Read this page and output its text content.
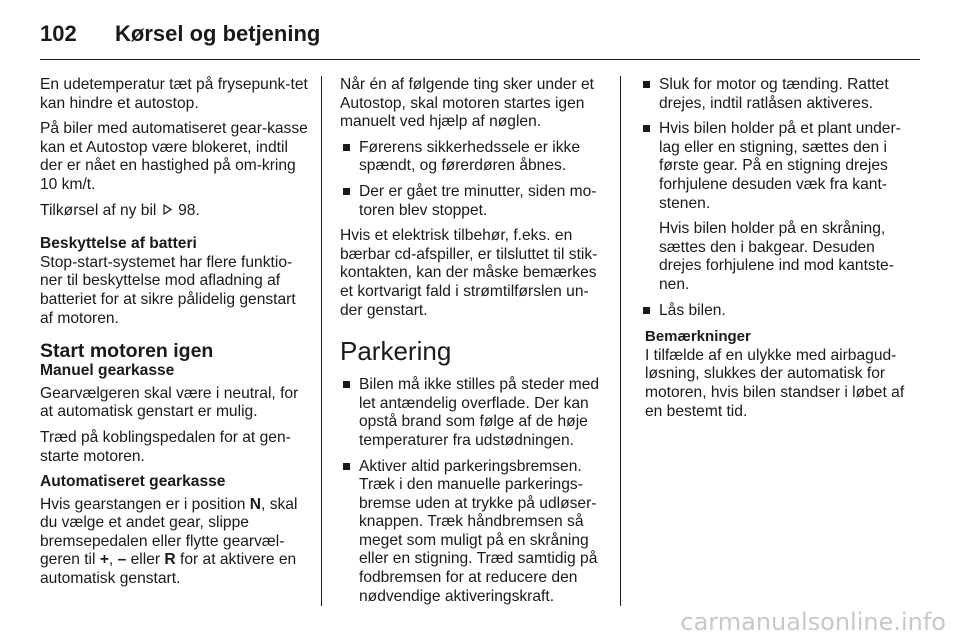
102	Kørsel og betjening

En udetemperatur tæt på frysepunk-tet kan hindre et autostop.

På biler med automatiseret gear-kasse kan et Autostop være blokeret, indtil der er nået en hastighed på om-kring 10 km/t.

Tilkørsel af ny bil 98.

Beskyttelse af batteri

Stop-start-systemet har flere funktio-ner til beskyttelse mod afladning af batteriet for at sikre pålidelig genstart af motoren.

Start motoren igen

Manuel gearkasse

Gearvælgeren skal være i neutral, for at automatisk genstart er mulig.

Træd på koblingspedalen for at gen-starte motoren.

Automatiseret gearkasse

Hvis gearstangen er i position N, skal du vælge et andet gear, slippe bremsepedalen eller flytte gearvæl-geren til +, – eller R for at aktivere en automatisk genstart.

Når én af følgende ting sker under et Autostop, skal motoren startes igen manuelt ved hjælp af nøglen.

Førerens sikkerhedssele er ikke spændt, og førerdøren åbnes.
Der er gået tre minutter, siden mo-toren blev stoppet.

Hvis et elektrisk tilbehør, f.eks. en bærbar cd-afspiller, er tilsluttet til stik-kontakten, kan der måske bemærkes et kortvarigt fald i strømtilførslen un-der genstart.

Parkering

Bilen må ikke stilles på steder med let antændelig overflade. Der kan opstå brand som følge af de høje temperaturer fra udstødningen.
Aktiver altid parkeringsbremsen. Træk i den manuelle parkerings-bremse uden at trykke på udløser-knappen. Træk håndbremsen så meget som muligt på en skråning eller en stigning. Træd samtidig på fodbremsen for at reducere den nødvendige aktiveringskraft.
Sluk for motor og tænding. Rattet drejes, indtil ratlåsen aktiveres.
Hvis bilen holder på et plant under-lag eller en stigning, sættes den i første gear. På en stigning drejes forhjulene desuden væk fra kant-stenen.
Hvis bilen holder på en skråning, sættes den i bakgear. Desuden drejes forhjulene ind mod kantste-nen.
Lås bilen.

Bemærkninger

I tilfælde af en ulykke med airbagud-løsning, slukkes der automatisk for motoren, hvis bilen standser i løbet af en bestemt tid.

carmanualsonline.info
